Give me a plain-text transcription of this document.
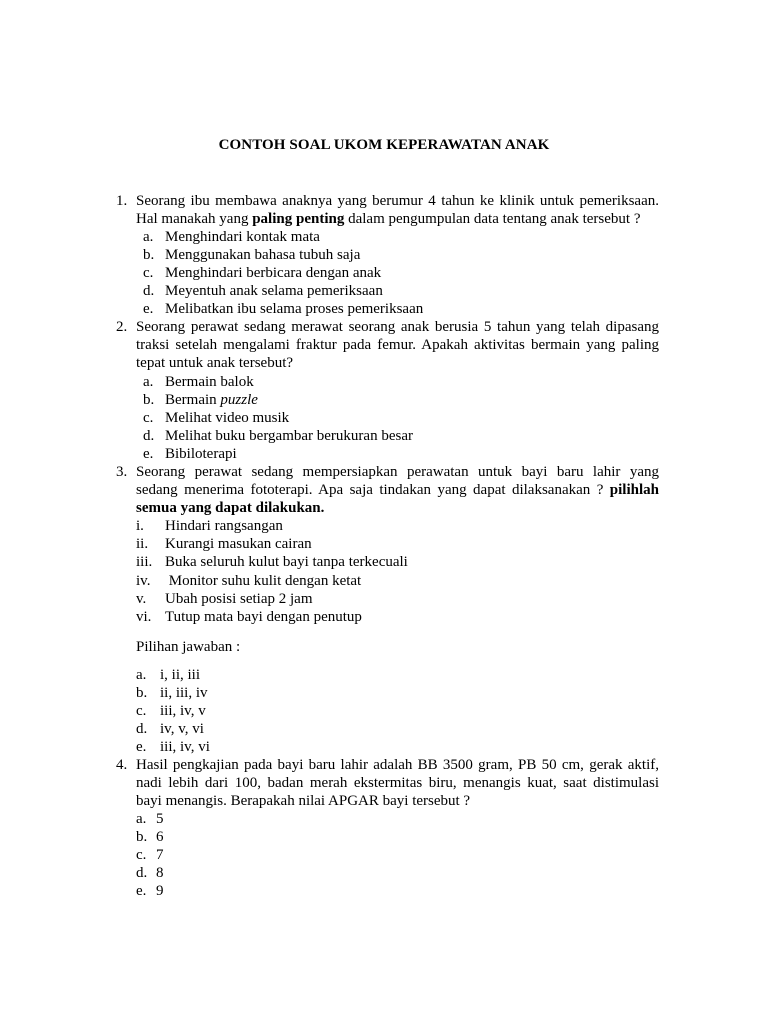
CONTOH SOAL UKOM KEPERAWATAN ANAK
1. Seorang ibu membawa anaknya yang berumur 4 tahun ke klinik untuk pemeriksaan.
Hal manakah yang paling penting dalam pengumpulan data tentang anak tersebut ?
a. Menghindari kontak mata
b. Menggunakan bahasa tubuh saja
c. Menghindari berbicara dengan anak
d. Meyentuh anak selama pemeriksaan
e. Melibatkan ibu selama proses pemeriksaan
2. Seorang perawat sedang merawat seorang anak berusia 5 tahun yang telah dipasang
traksi setelah mengalami fraktur pada femur. Apakah aktivitas bermain yang paling
tepat untuk anak tersebut?
a. Bermain balok
b. Bermain puzzle
c. Melihat video musik
d. Melihat buku bergambar berukuran besar
e. Bibiloterapi
3. Seorang perawat sedang mempersiapkan perawatan untuk bayi baru lahir yang
sedang menerima fototerapi. Apa saja tindakan yang dapat dilaksanakan ? pilihlah
semua yang dapat dilakukan.
i. Hindari rangsangan
ii. Kurangi masukan cairan
iii. Buka seluruh kulut bayi tanpa terkecuali
iv. Monitor suhu kulit dengan ketat
v. Ubah posisi setiap 2 jam
vi. Tutup mata bayi dengan penutup
Pilihan jawaban :
a. i, ii, iii
b. ii, iii, iv
c. iii, iv, v
d. iv, v, vi
e. iii, iv, vi
4. Hasil pengkajian pada bayi baru lahir adalah BB 3500 gram, PB 50 cm, gerak aktif,
nadi lebih dari 100, badan merah ekstermitas biru, menangis kuat, saat distimulasi
bayi menangis. Berapakah nilai APGAR bayi tersebut ?
a. 5
b. 6
c. 7
d. 8
e. 9
